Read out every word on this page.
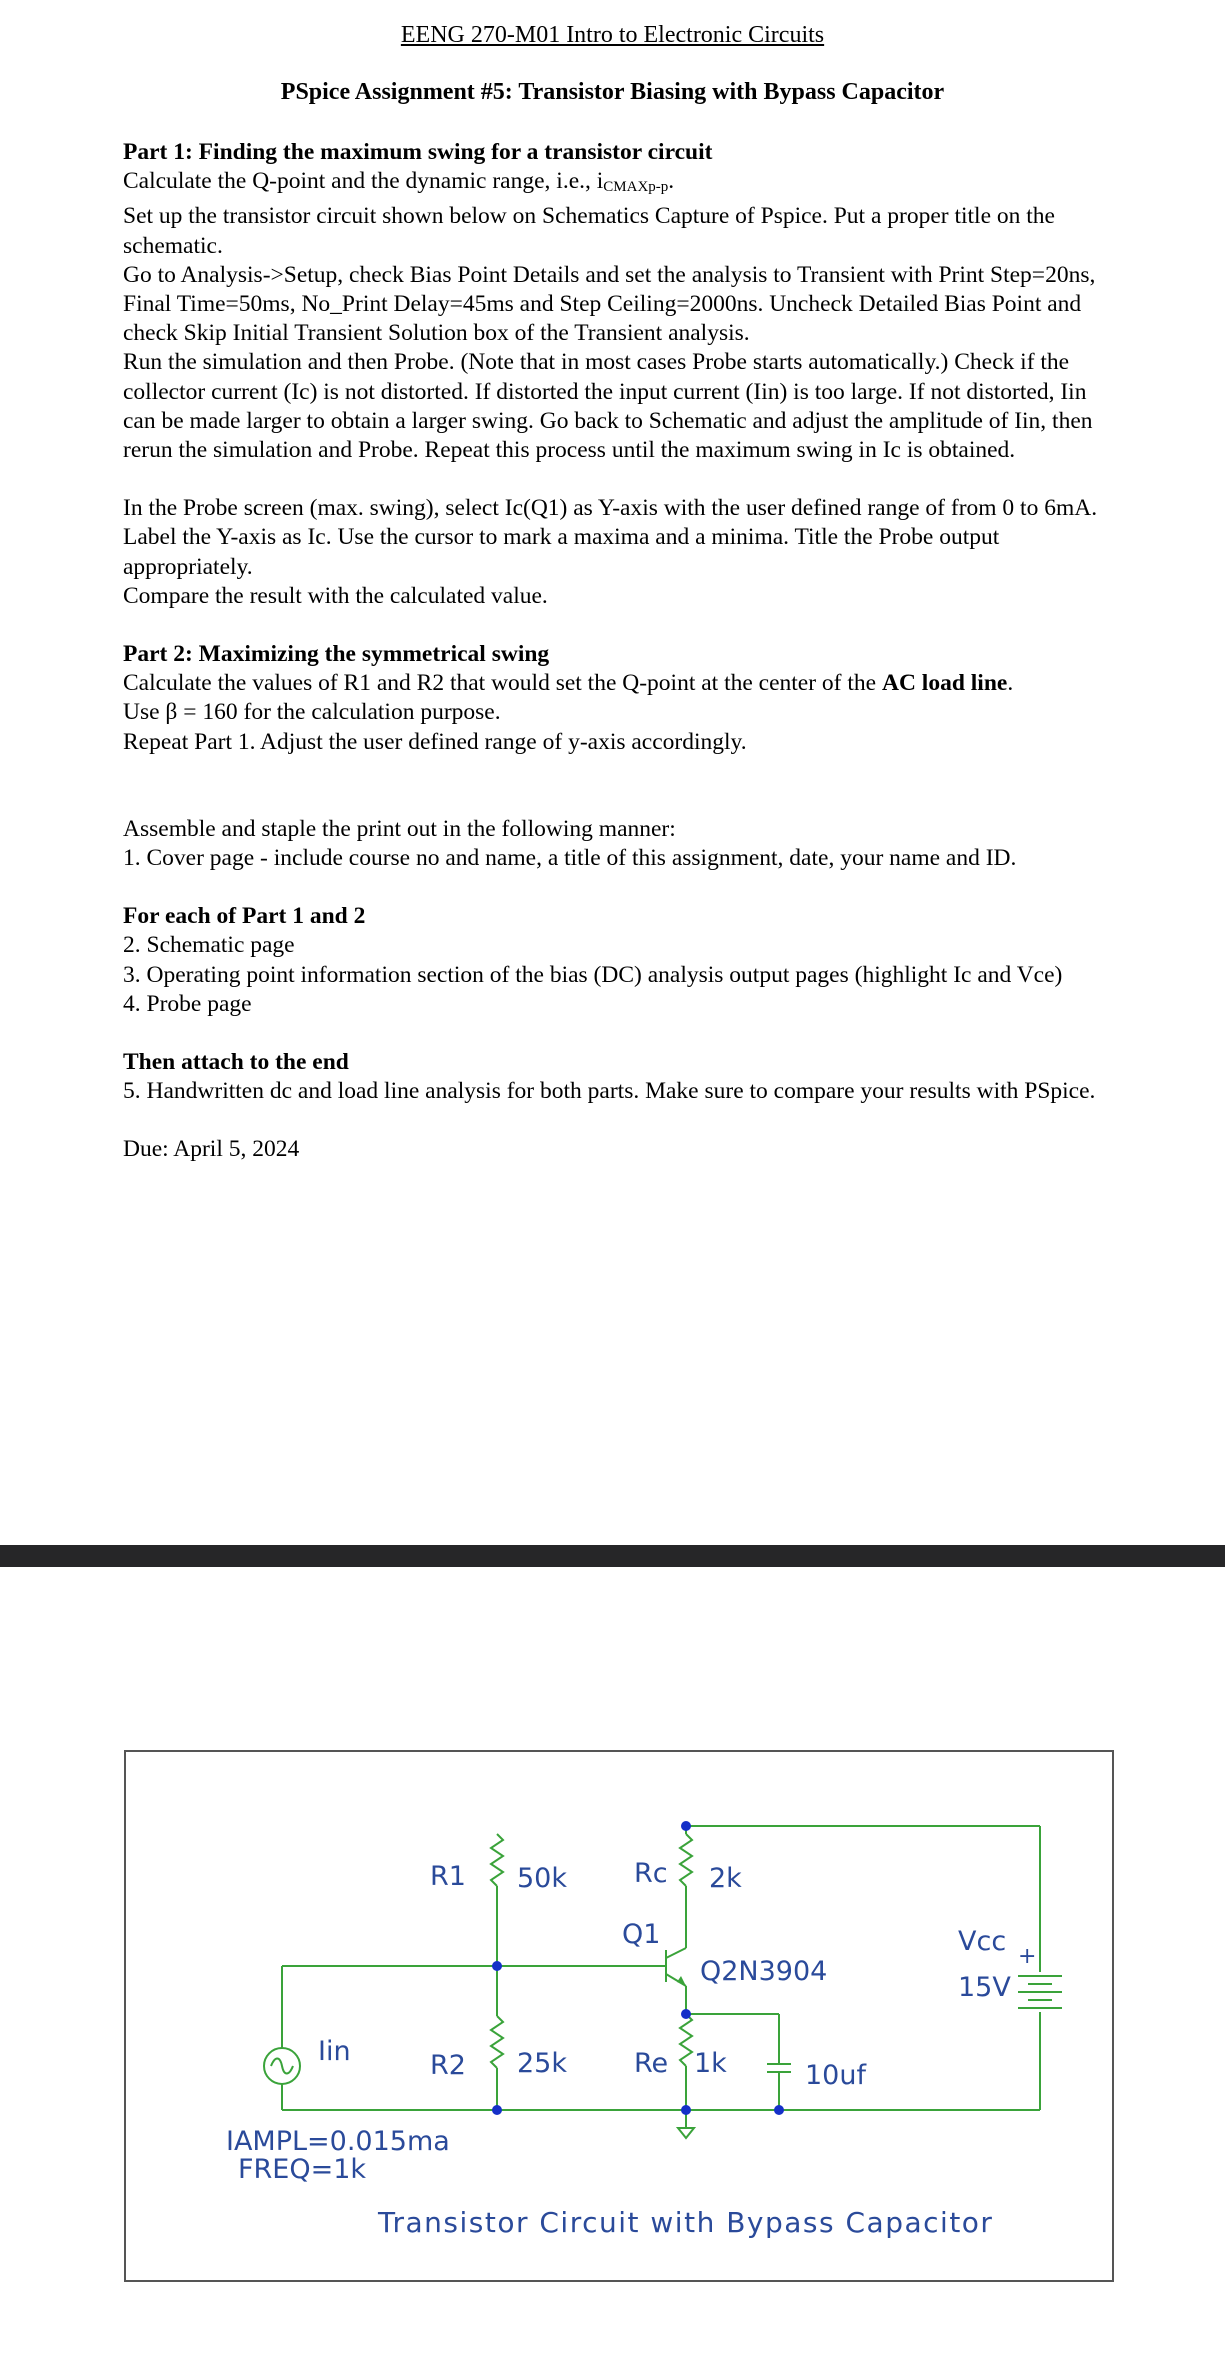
EENG 270-M01 Intro to Electronic Circuits
PSpice Assignment #5: Transistor Biasing with Bypass Capacitor

Part 1: Finding the maximum swing for a transistor circuit

Calculate the Q-point and the dynamic range, i.e., $i_{CMAXp-p}$.

Set up the transistor circuit shown below on Schematics Capture of Pspice. Put a proper title on the schematic.

Go to Analysis->Setup, check Bias Point Details and set the analysis to Transient with Print Step=20ns, Final Time=50ms, No_Print Delay=45ms and Step Ceiling=2000ns. Uncheck Detailed Bias Point and check Skip Initial Transient Solution box of the Transient analysis.

Run the simulation and then Probe. (Note that in most cases Probe starts automatically.) Check if the collector current (Ic) is not distorted. If distorted the input current (Iin) is too large. If not distorted, Iin can be made larger to obtain a larger swing. Go back to Schematic and adjust the amplitude of Iin, then rerun the simulation and Probe. Repeat this process until the maximum swing in Ic is obtained.

In the Probe screen (max. swing), select Ic(Q1) as Y-axis with the user defined range of from 0 to 6mA. Label the Y-axis as Ic. Use the cursor to mark a maxima and a minima. Title the Probe output appropriately.

Compare the result with the calculated value.

Part 2: Maximizing the symmetrical swing

Calculate the values of R1 and R2 that would set the Q-point at the center of the AC load line.

Use β = 160 for the calculation purpose.

Repeat Part 1. Adjust the user defined range of y-axis accordingly.

Assemble and staple the print out in the following manner:

1. Cover page - include course no and name, a title of this assignment, date, your name and ID.

For each of Part 1 and 2

2. Schematic page

3. Operating point information section of the bias (DC) analysis output pages (highlight Ic and Vce)

4. Probe page

Then attach to the end

5. Handwritten dc and load line analysis for both parts. Make sure to compare your results with PSpice.

Due: April 5, 2024

R1 50k Rc 2k
Q1
Q2N3904
Vcc +
15V
Iin	R2 25k Re 1k	10uf
IAMPL=0.015ma
FREQ=1k
Transistor Circuit with Bypass Capacitor
